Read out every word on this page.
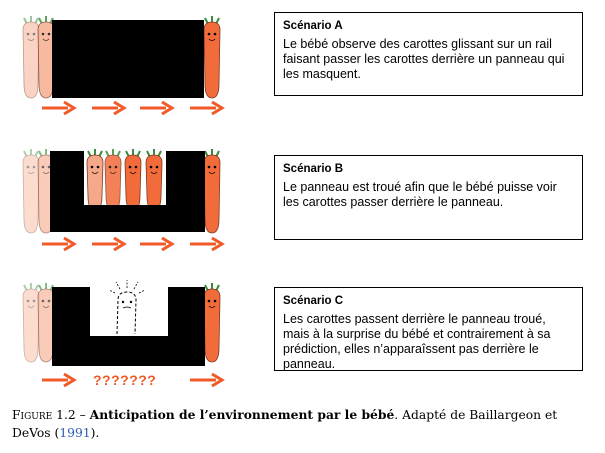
Scénario A

Le bébé observe des carottes glissant sur un rail faisant passer les carottes derrière un panneau qui les masquent.

Scénario B

Le panneau est troué afin que le bébé puisse voir les carottes passer derrière le panneau.

Scénario C

Les carottes passent derrière le panneau troué, mais à la surprise du bébé et contrairement à sa prédiction, elles n’apparaîssent pas derrière le panneau.

???????
Figure 1.2 – Anticipation de l’environnement par le bébé. Adapté de Baillargeon et DeVos (1991).
